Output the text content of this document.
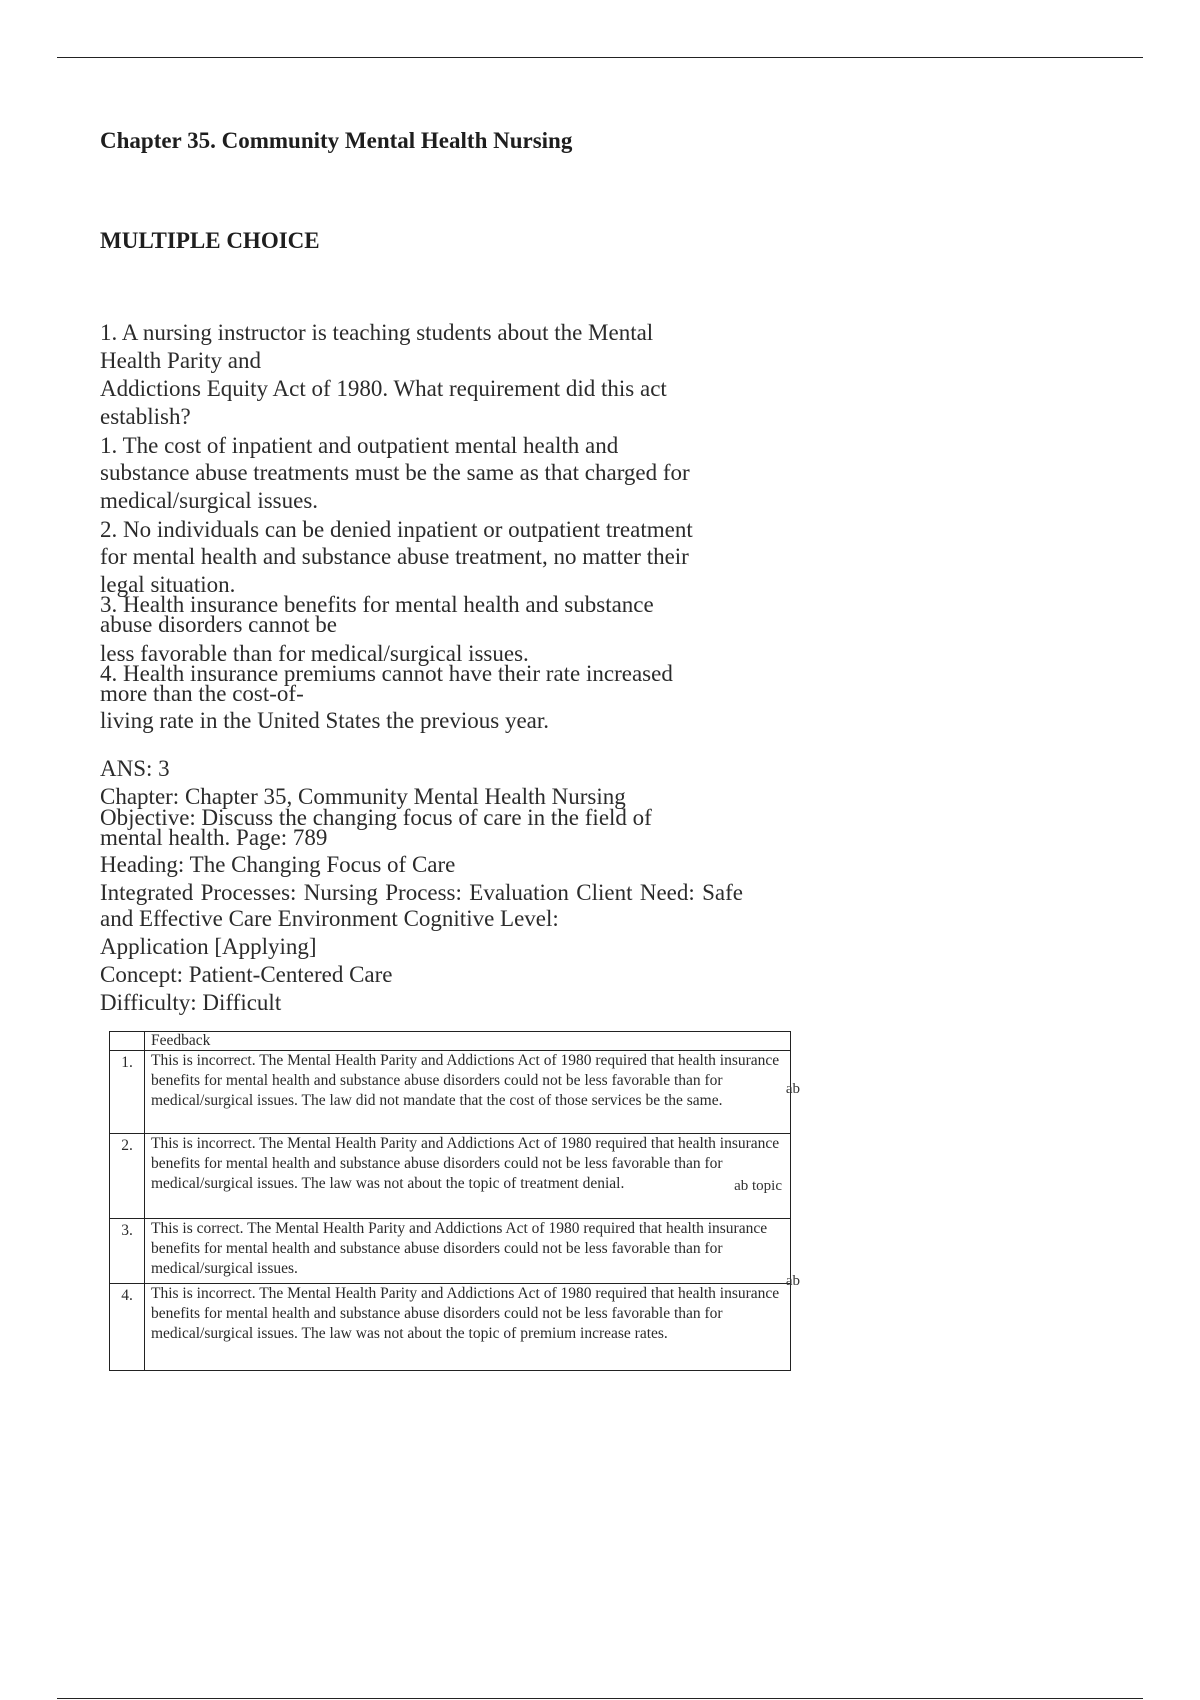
Chapter 35. Community Mental Health Nursing
MULTIPLE CHOICE
1. A nursing instructor is teaching students about the Mental
Health Parity and
Addictions Equity Act of 1980. What requirement did this act
establish?
1. The cost of inpatient and outpatient mental health and
substance abuse treatments must be the same as that charged for
medical/surgical issues.
2. No individuals can be denied inpatient or outpatient treatment
for mental health and substance abuse treatment, no matter their
legal situation.
3. Health insurance benefits for mental health and substance
abuse disorders cannot be
less favorable than for medical/surgical issues.
4. Health insurance premiums cannot have their rate increased
more than the cost-of-
living rate in the United States the previous year.
ANS: 3
Chapter: Chapter 35, Community Mental Health Nursing
Objective: Discuss the changing focus of care in the field of
mental health. Page: 789
Heading: The Changing Focus of Care
Integrated Processes: Nursing Process: Evaluation Client Need: Safe and Effective Care Environment Cognitive Level:
Application [Applying]
Concept: Patient-Centered Care
Difficulty: Difficult
	Feedback
1.	This is incorrect. The Mental Health Parity and Addictions Act of 1980 required that health insurance benefits for mental health and substance abuse disorders could not be less favorable than for medical/surgical issues. The law did not mandate that the cost of those services be the same.
ab

2.	This is incorrect. The Mental Health Parity and Addictions Act of 1980 required that health insurance benefits for mental health and substance abuse disorders could not be less favorable than for medical/surgical issues. The law was not about the topic of treatment denial. ab topic

3.	This is correct. The Mental Health Parity and Addictions Act of 1980 required that health insurance benefits for mental health and substance abuse disorders could not be less favorable than for medical/surgical issues.
ab

4.	This is incorrect. The Mental Health Parity and Addictions Act of 1980 required that health insurance benefits for mental health and substance abuse disorders could not be less favorable than for medical/surgical issues. The law was not about the topic of premium increase rates.
